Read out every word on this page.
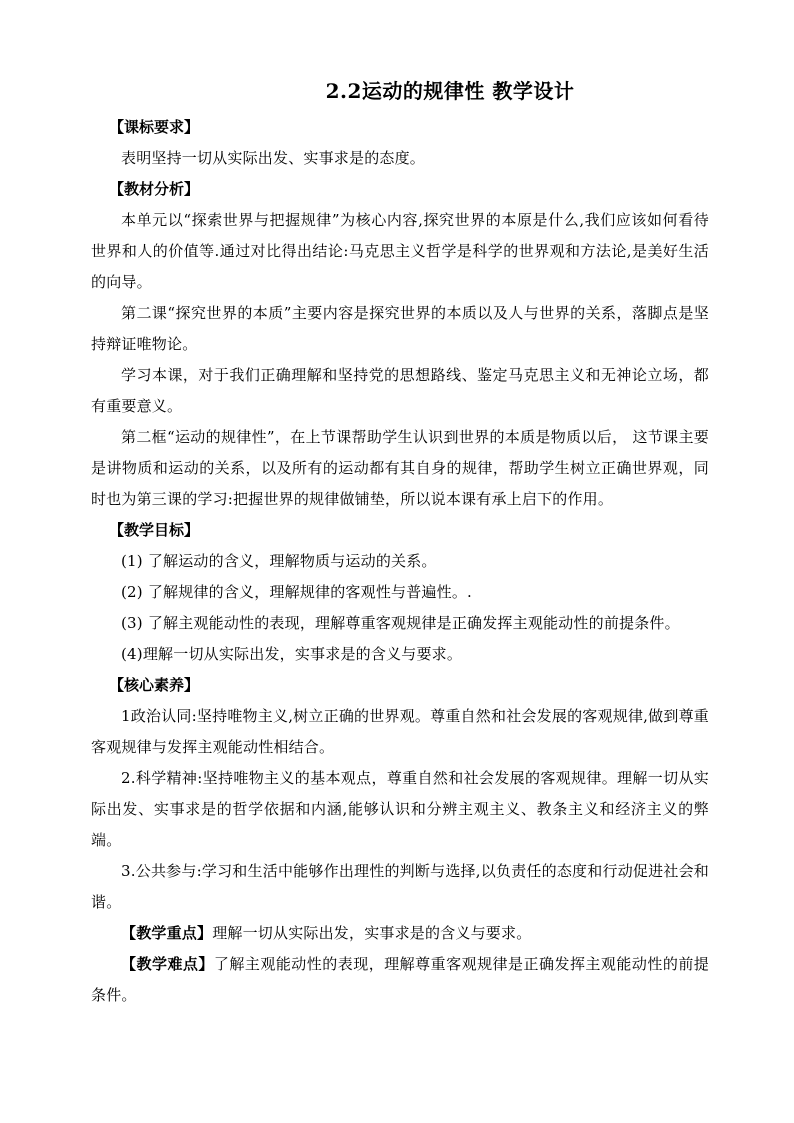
2.2运动的规律性 教学设计
【课标要求】

表明坚持一切从实际出发、实事求是的态度。

【教材分析】

本单元以“探索世界与把握规律”为核心内容,探究世界的本原是什么,我们应该如何看待世界和人的价值等.通过对比得出结论:马克思主义哲学是科学的世界观和方法论,是美好生活的向导。

第二课“探究世界的本质”主要内容是探究世界的本质以及人与世界的关系，落脚点是坚持辩证唯物论。

学习本课，对于我们正确理解和坚持党的思想路线、鉴定马克思主义和无神论立场，都有重要意义。

第二框“运动的规律性”，在上节课帮助学生认识到世界的本质是物质以后， 这节课主要是讲物质和运动的关系，以及所有的运动都有其自身的规律，帮助学生树立正确世界观，同时也为第三课的学习:把握世界的规律做铺垫，所以说本课有承上启下的作用。

【教学目标】

(1) 了解运动的含义，理解物质与运动的关系。

(2) 了解规律的含义，理解规律的客观性与普遍性。.

(3) 了解主观能动性的表现，理解尊重客观规律是正确发挥主观能动性的前提条件。

(4)理解一切从实际出发，实事求是的含义与要求。

【核心素养】

1政治认同:坚持唯物主义,树立正确的世界观。尊重自然和社会发展的客观规律,做到尊重客观规律与发挥主观能动性相结合。

2.科学精神:坚持唯物主义的基本观点，尊重自然和社会发展的客观规律。理解一切从实际出发、实事求是的哲学依据和内涵,能够认识和分辨主观主义、教条主义和经济主义的弊端。

3.公共参与:学习和生活中能够作出理性的判断与选择,以负责任的态度和行动促进社会和谐。

【教学重点】理解一切从实际出发，实事求是的含义与要求。

【教学难点】了解主观能动性的表现，理解尊重客观规律是正确发挥主观能动性的前提条件。
